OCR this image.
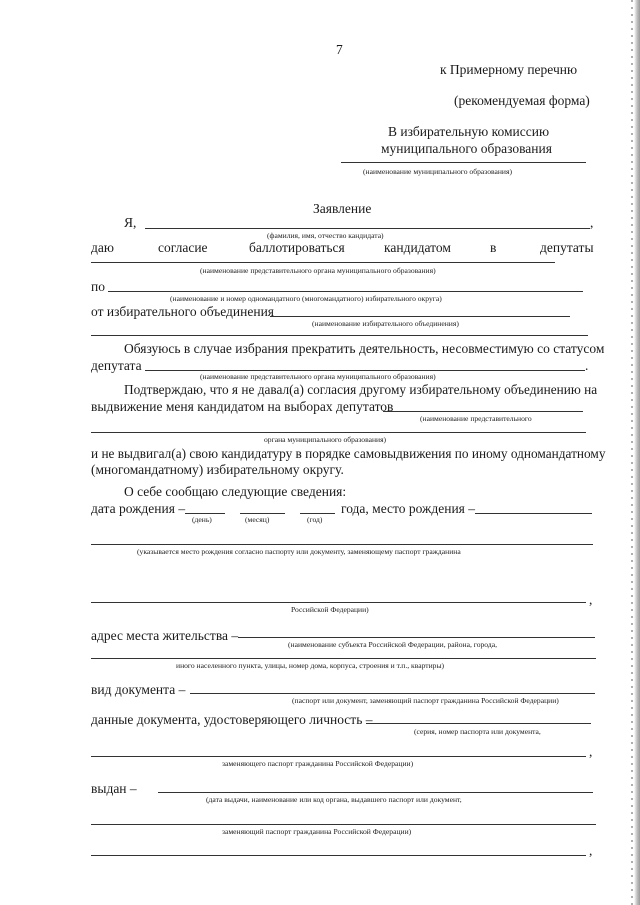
7
к Примерному перечню
(рекомендуемая форма)
В избирательную комиссию
муниципального образования
(наименование муниципального образования)
Заявление
Я,	,
(фамилия, имя, отчество кандидата)
даю	согласие	баллотироваться	кандидатом	в	депутаты
(наименование представительного органа муниципального образования)
по
(наименование и номер одномандатного (многомандатного) избирательного округа)
от избирательного объединения
(наименование избирательного объединения)
Обязуюсь в случае избрания прекратить деятельность, несовместимую со статусом
депутата	.
(наименование представительного органа муниципального образования)
Подтверждаю, что я не давал(а) согласия другому избирательному объединению на
выдвижение меня кандидатом на выборах депутатов
(наименование представительного
органа муниципального образования)
и не выдвигал(а) свою кандидатуру в порядке самовыдвижения по иному одномандатному
(многомандатному) избирательному округу.
О себе сообщаю следующие сведения:
дата рождения –
(день)	(месяц)	(год)
года, место рождения –
(указывается место рождения согласно паспорту или документу, заменяющему паспорт гражданина
,
Российской Федерации)
адрес места жительства –
(наименование субъекта Российской Федерации, района, города,
иного населенного пункта, улицы, номер дома, корпуса, строения и т.п., квартиры)
вид документа –
(паспорт или документ, заменяющий паспорт гражданина Российской Федерации)
данные документа, удостоверяющего личность –
(серия, номер паспорта или документа,
,
заменяющего паспорт гражданина Российской Федерации)
выдан –
(дата выдачи, наименование или код органа, выдавшего паспорт или документ,
заменяющий паспорт гражданина Российской Федерации)
,
